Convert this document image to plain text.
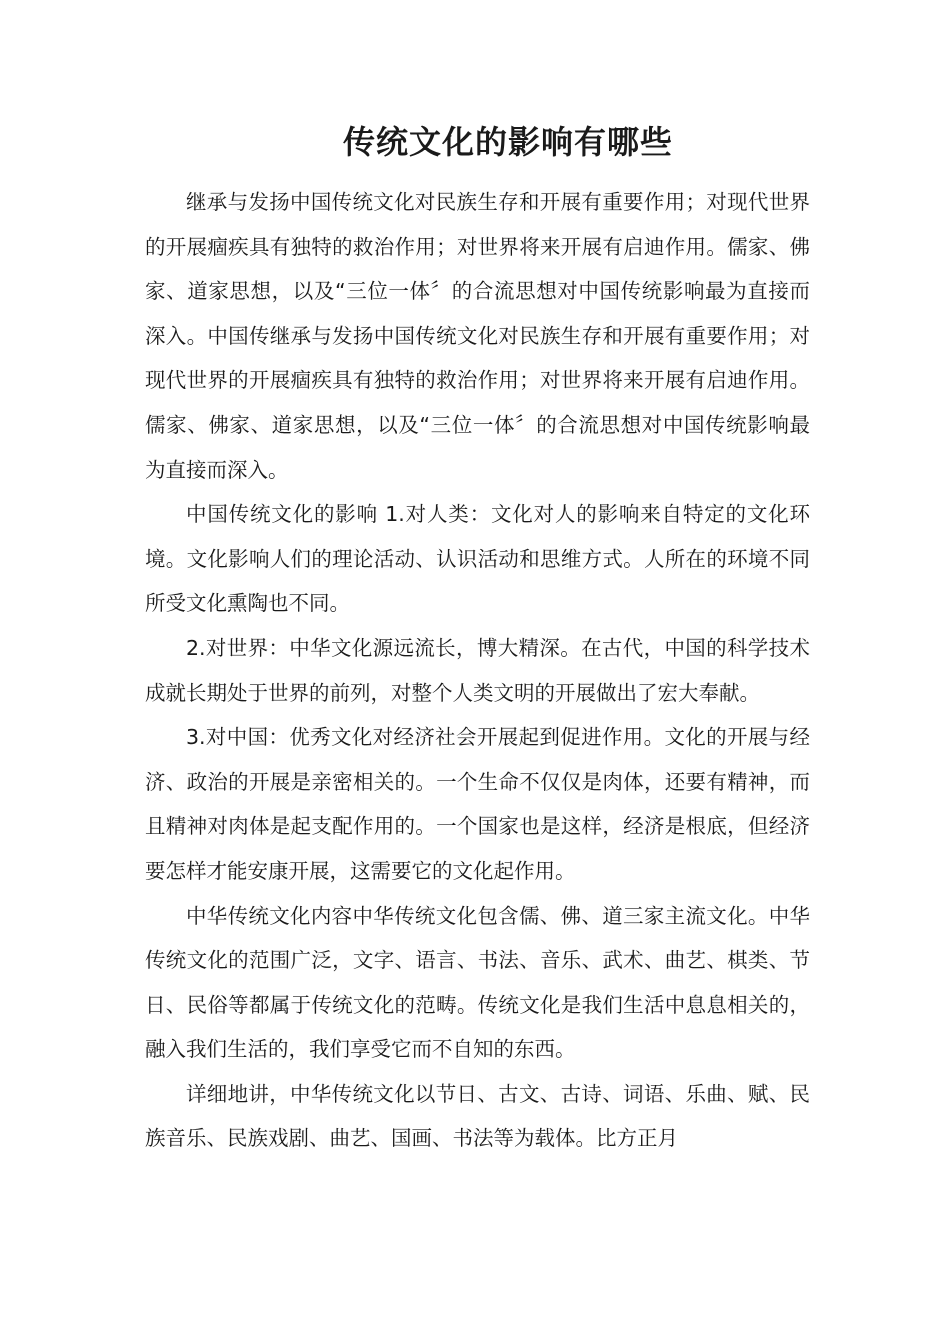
传统文化的影响有哪些

继承与发扬中国传统文化对民族生存和开展有重要作用；对现代世界的开展痼疾具有独特的救治作用；对世界将来开展有启迪作用。儒家、佛家、道家思想，以及“三位一体〞的合流思想对中国传统影响最为直接而深入。中国传继承与发扬中国传统文化对民族生存和开展有重要作用；对现代世界的开展痼疾具有独特的救治作用；对世界将来开展有启迪作用。儒家、佛家、道家思想，以及“三位一体〞的合流思想对中国传统影响最为直接而深入。

中国传统文化的影响 1.对人类：文化对人的影响来自特定的文化环境。文化影响人们的理论活动、认识活动和思维方式。人所在的环境不同所受文化熏陶也不同。

2.对世界：中华文化源远流长，博大精深。在古代，中国的科学技术成就长期处于世界的前列，对整个人类文明的开展做出了宏大奉献。

3.对中国：优秀文化对经济社会开展起到促进作用。文化的开展与经济、政治的开展是亲密相关的。一个生命不仅仅是肉体，还要有精神，而且精神对肉体是起支配作用的。一个国家也是这样，经济是根底，但经济要怎样才能安康开展，这需要它的文化起作用。

中华传统文化内容中华传统文化包含儒、佛、道三家主流文化。中华传统文化的范围广泛，文字、语言、书法、音乐、武术、曲艺、棋类、节日、民俗等都属于传统文化的范畴。传统文化是我们生活中息息相关的，融入我们生活的，我们享受它而不自知的东西。

详细地讲，中华传统文化以节日、古文、古诗、词语、乐曲、赋、民族音乐、民族戏剧、曲艺、国画、书法等为载体。比方正月
